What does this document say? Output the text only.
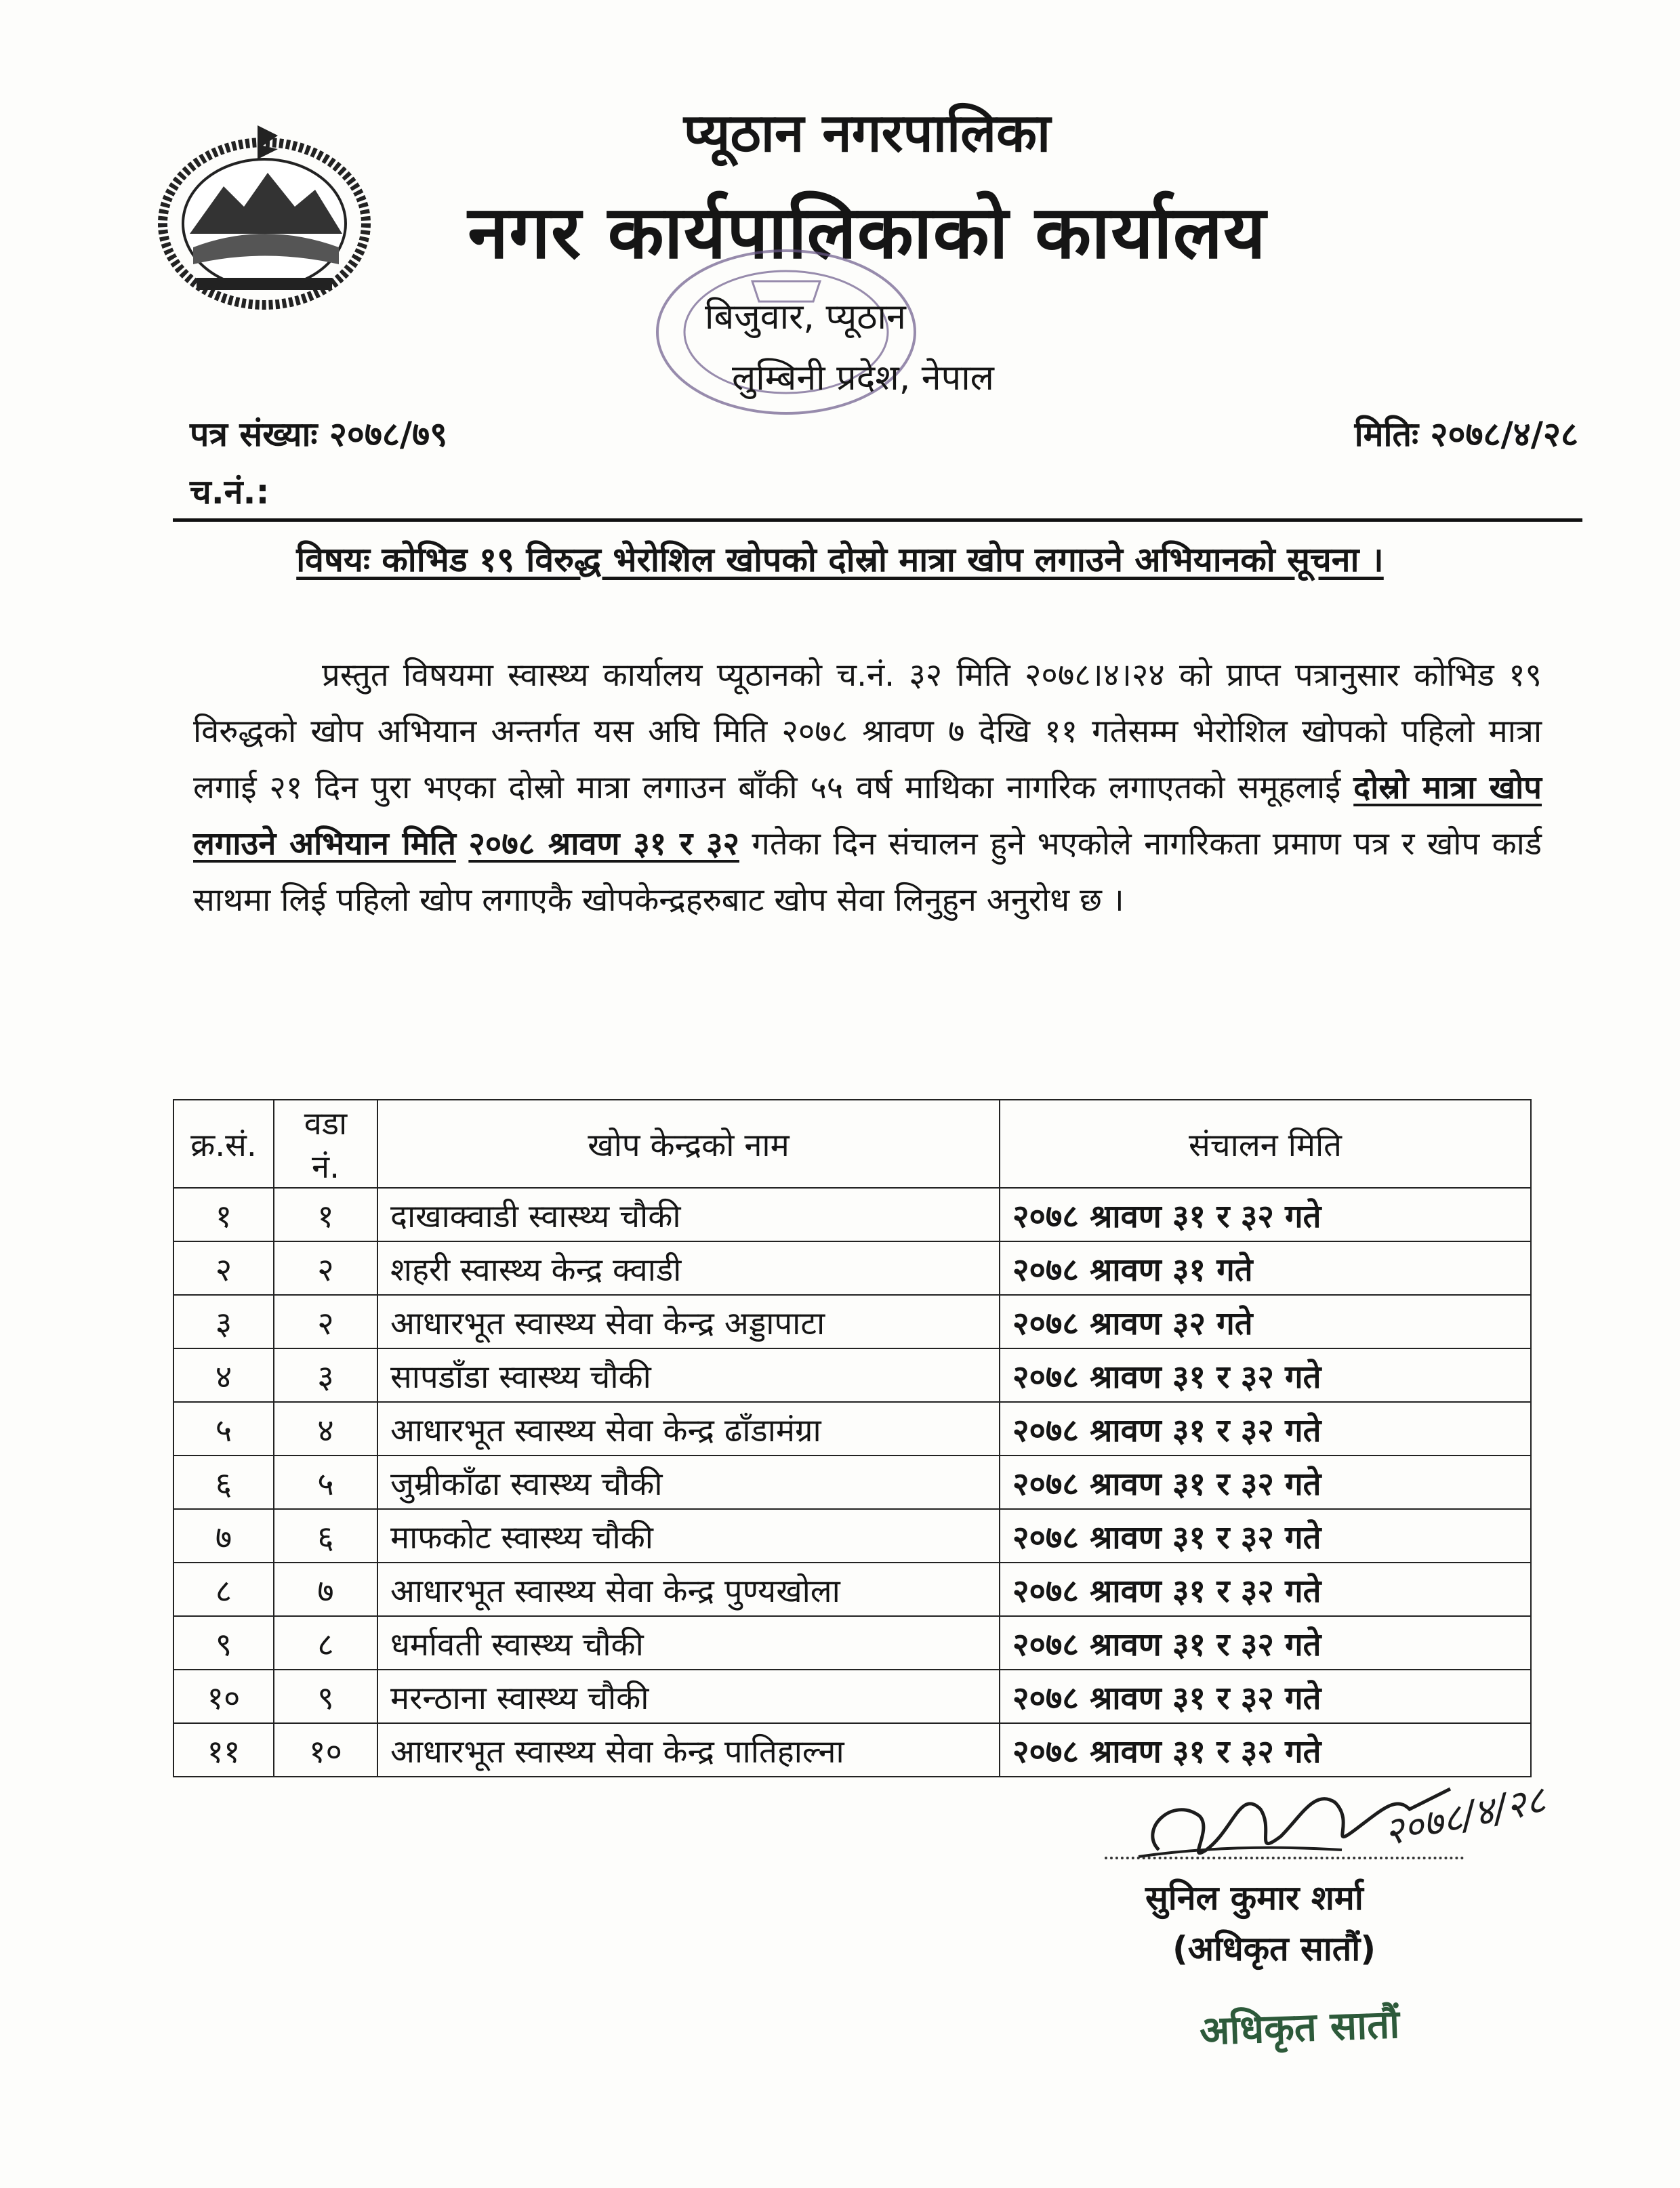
प्यूठान नगरपालिका
नगर कार्यपालिकाको कार्यालय
बिजुवार, प्यूठान
लुम्बिनी प्रदेश, नेपाल
पत्र संख्याः २०७८/७९	मितिः २०७८/४/२८
च.नं.:
विषयः कोभिड १९ विरुद्ध भेरोशिल खोपको दोस्रो मात्रा खोप लगाउने अभियानको सूचना ।
प्रस्तुत विषयमा स्वास्थ्य कार्यालय प्यूठानको च.नं. ३२ मिति २०७८।४।२४ को प्राप्त पत्रानुसार कोभिड १९ विरुद्धको खोप अभियान अन्तर्गत यस अघि मिति २०७८ श्रावण ७ देखि ११ गतेसम्म भेरोशिल खोपको पहिलो मात्रा लगाई २१ दिन पुरा भएका दोस्रो मात्रा लगाउन बाँकी ५५ वर्ष माथिका नागरिक लगाएतको समूहलाई दोस्रो मात्रा खोप लगाउने अभियान मिति २०७८ श्रावण ३१ र ३२ गतेका दिन संचालन हुने भएकोले नागरिकता प्रमाण पत्र र खोप कार्ड साथमा लिई पहिलो खोप लगाएकै खोपकेन्द्रहरुबाट खोप सेवा लिनुहुन अनुरोध छ ।
क्र.सं.	वडा नं.	खोप केन्द्रको नाम	संचालन मिति
१	१	दाखाक्वाडी स्वास्थ्य चौकी	२०७८ श्रावण ३१ र ३२ गते
२	२	शहरी स्वास्थ्य केन्द्र क्वाडी	२०७८ श्रावण ३१ गते
३	२	आधारभूत स्वास्थ्य सेवा केन्द्र अड्डापाटा	२०७८ श्रावण ३२ गते
४	३	सापडाँडा स्वास्थ्य चौकी	२०७८ श्रावण ३१ र ३२ गते
५	४	आधारभूत स्वास्थ्य सेवा केन्द्र ढाँडामंग्रा	२०७८ श्रावण ३१ र ३२ गते
६	५	जुम्रीकाँढा स्वास्थ्य चौकी	२०७८ श्रावण ३१ र ३२ गते
७	६	माफकोट स्वास्थ्य चौकी	२०७८ श्रावण ३१ र ३२ गते
८	७	आधारभूत स्वास्थ्य सेवा केन्द्र पुण्यखोला	२०७८ श्रावण ३१ र ३२ गते
९	८	धर्मावती स्वास्थ्य चौकी	२०७८ श्रावण ३१ र ३२ गते
१०	९	मरन्ठाना स्वास्थ्य चौकी	२०७८ श्रावण ३१ र ३२ गते
११	१०	आधारभूत स्वास्थ्य सेवा केन्द्र पातिहाल्ना	२०७८ श्रावण ३१ र ३२ गते
२०७८/४/२८
सुनिल कुमार शर्मा
(अधिकृत सातौं)
अधिकृत सातौं
